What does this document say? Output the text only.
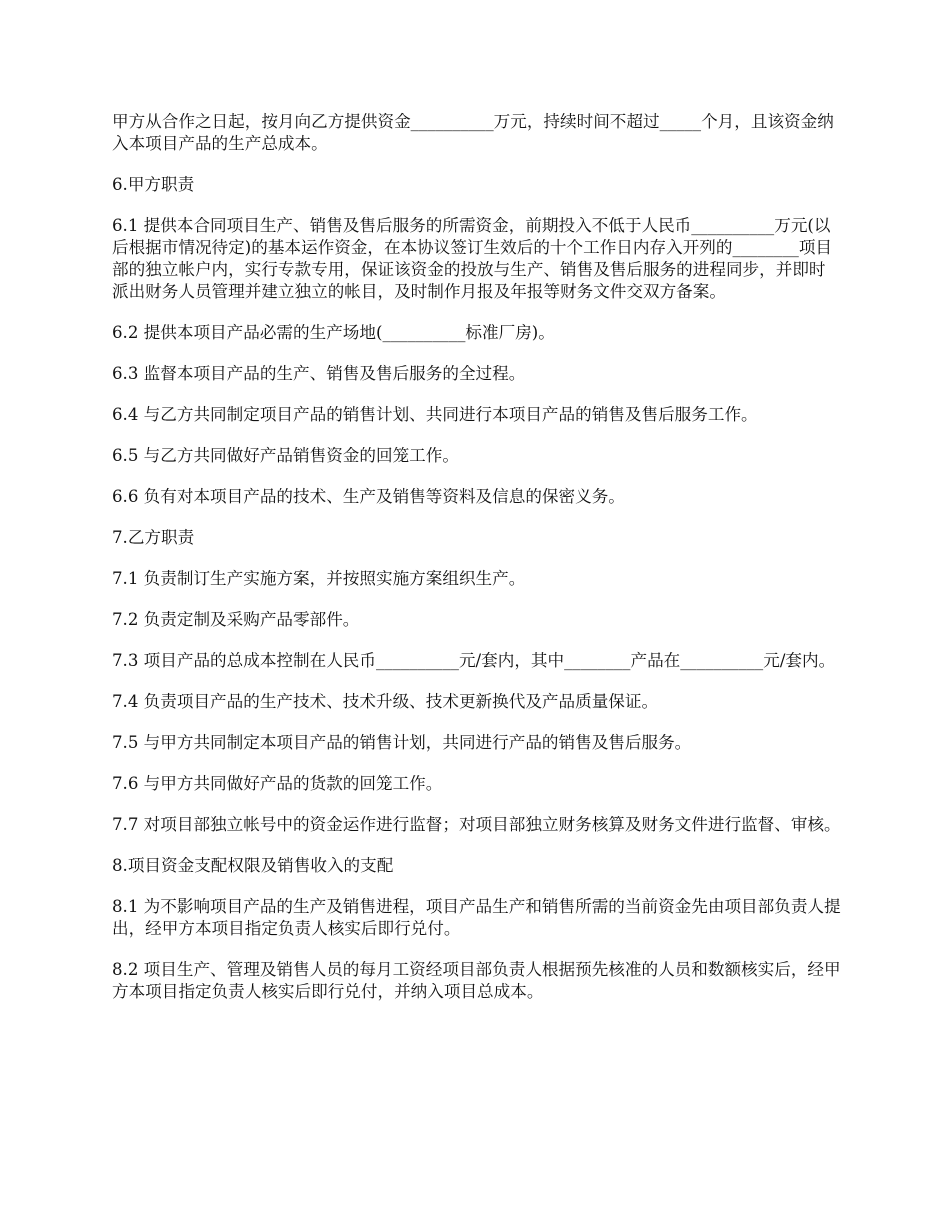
甲方从合作之日起，按月向乙方提供资金__________万元，持续时间不超过_____个月，且该资金纳入本项目产品的生产总成本。

6.甲方职责

6.1 提供本合同项目生产、销售及售后服务的所需资金，前期投入不低于人民币__________万元(以后根据市情况待定)的基本运作资金，在本协议签订生效后的十个工作日内存入开列的________项目部的独立帐户内，实行专款专用，保证该资金的投放与生产、销售及售后服务的进程同步，并即时派出财务人员管理并建立独立的帐目，及时制作月报及年报等财务文件交双方备案。

6.2 提供本项目产品必需的生产场地(__________标准厂房)。

6.3 监督本项目产品的生产、销售及售后服务的全过程。

6.4 与乙方共同制定项目产品的销售计划、共同进行本项目产品的销售及售后服务工作。

6.5 与乙方共同做好产品销售资金的回笼工作。

6.6 负有对本项目产品的技术、生产及销售等资料及信息的保密义务。

7.乙方职责

7.1 负责制订生产实施方案，并按照实施方案组织生产。

7.2 负责定制及采购产品零部件。

7.3 项目产品的总成本控制在人民币__________元/套内，其中________产品在__________元/套内。

7.4 负责项目产品的生产技术、技术升级、技术更新换代及产品质量保证。

7.5 与甲方共同制定本项目产品的销售计划，共同进行产品的销售及售后服务。

7.6 与甲方共同做好产品的货款的回笼工作。

7.7 对项目部独立帐号中的资金运作进行监督；对项目部独立财务核算及财务文件进行监督、审核。

8.项目资金支配权限及销售收入的支配

8.1 为不影响项目产品的生产及销售进程，项目产品生产和销售所需的当前资金先由项目部负责人提出，经甲方本项目指定负责人核实后即行兑付。

8.2 项目生产、管理及销售人员的每月工资经项目部负责人根据预先核准的人员和数额核实后，经甲方本项目指定负责人核实后即行兑付，并纳入项目总成本。
